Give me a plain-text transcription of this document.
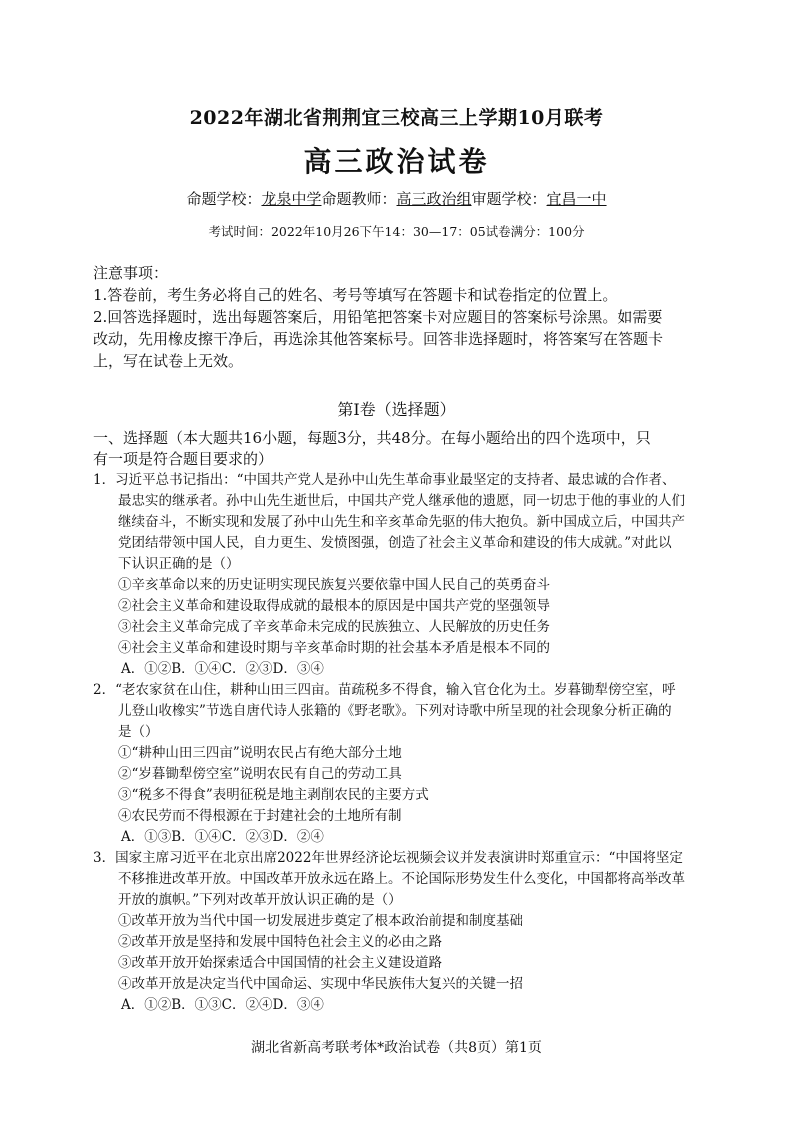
2022年湖北省荆荆宜三校高三上学期10月联考
高三政治试卷
命题学校：龙泉中学命题教师：高三政治组审题学校：宜昌一中
考试时间：2022年10月26下午14：30—17：05试卷满分：100分
注意事项：
1.答卷前，考生务必将自己的姓名、考号等填写在答题卡和试卷指定的位置上。
2.回答选择题时，选出每题答案后，用铅笔把答案卡对应题目的答案标号涂黑。如需要
改动，先用橡皮擦干净后，再选涂其他答案标号。回答非选择题时，将答案写在答题卡
上，写在试卷上无效。
第Ⅰ卷（选择题）
一、选择题（本大题共16小题，每题3分，共48分。在每小题给出的四个选项中，只
有一项是符合题目要求的）
1．习近平总书记指出：“中国共产党人是孙中山先生革命事业最坚定的支持者、最忠诚的合作者、
最忠实的继承者。孙中山先生逝世后，中国共产党人继承他的遗愿，同一切忠于他的事业的人们
继续奋斗，不断实现和发展了孙中山先生和辛亥革命先驱的伟大抱负。新中国成立后，中国共产
党团结带领中国人民，自力更生、发愤图强，创造了社会主义革命和建设的伟大成就。”对此以
下认识正确的是（）
①辛亥革命以来的历史证明实现民族复兴要依靠中国人民自己的英勇奋斗
②社会主义革命和建设取得成就的最根本的原因是中国共产党的坚强领导
③社会主义革命完成了辛亥革命未完成的民族独立、人民解放的历史任务
④社会主义革命和建设时期与辛亥革命时期的社会基本矛盾是根本不同的
A．①②B．①④C．②③D．③④
2．“老农家贫在山住，耕种山田三四亩。苗疏税多不得食，输入官仓化为土。岁暮锄犁傍空室，呼
儿登山收橡实”节选自唐代诗人张籍的《野老歌》。下列对诗歌中所呈现的社会现象分析正确的
是（）
①“耕种山田三四亩”说明农民占有绝大部分土地
②“岁暮锄犁傍空室”说明农民有自己的劳动工具
③“税多不得食”表明征税是地主剥削农民的主要方式
④农民劳而不得根源在于封建社会的土地所有制
A．①③B．①④C．②③D．②④
3．国家主席习近平在北京出席2022年世界经济论坛视频会议并发表演讲时郑重宣示：“中国将坚定
不移推进改革开放。中国改革开放永远在路上。不论国际形势发生什么变化，中国都将高举改革
开放的旗帜。”下列对改革开放认识正确的是（）
①改革开放为当代中国一切发展进步奠定了根本政治前提和制度基础
②改革开放是坚持和发展中国特色社会主义的必由之路
③改革开放开始探索适合中国国情的社会主义建设道路
④改革开放是决定当代中国命运、实现中华民族伟大复兴的关键一招
A．①②B．①③C．②④D．③④
湖北省新高考联考体*政治试卷（共8页）第1页
